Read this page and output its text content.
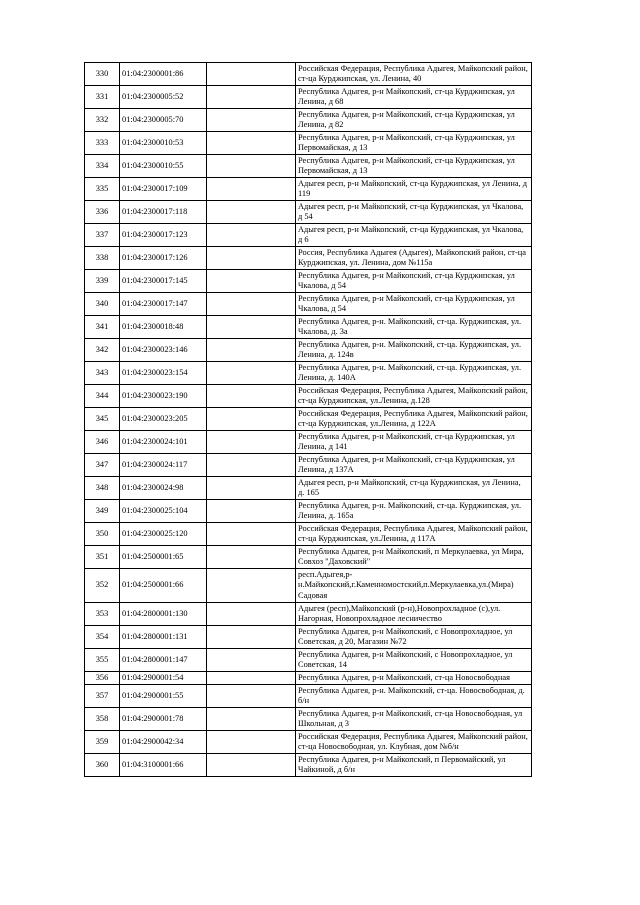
330	01:04:2300001:86		Российская Федерация, Республика Адыгея, Майкопский район, ст-ца Курджипская, ул. Ленина, 40
331	01:04:2300005:52		Республика Адыгея, р-н Майкопский, ст-ца Курджипская, ул Ленина, д 68
332	01:04:2300005:70		Республика Адыгея, р-н Майкопский, ст-ца Курджипская, ул Ленина, д 82
333	01:04:2300010:53		Республика Адыгея, р-н Майкопский, ст-ца Курджипская, ул Первомайская, д 13
334	01:04:2300010:55		Республика Адыгея, р-н Майкопский, ст-ца Курджипская, ул Первомайская, д 13
335	01:04:2300017:109		Адыгея респ, р-н Майкопский, ст-ца Курджипская, ул Ленина, д 119
336	01:04:2300017:118		Адыгея респ, р-н Майкопский, ст-ца Курджипская, ул Чкалова, д 54
337	01:04:2300017:123		Адыгея респ, р-н Майкопский, ст-ца Курджипская, ул Чкалова, д 6
338	01:04:2300017:126		Россия, Республика Адыгея (Адыгея), Майкопский район, ст-ца Курджипская, ул. Ленина, дом №115а
339	01:04:2300017:145		Республика Адыгея, р-н Майкопский, ст-ца Курджипская, ул Чкалова, д 54
340	01:04:2300017:147		Республика Адыгея, р-н Майкопский, ст-ца Курджипская, ул Чкалова, д 54
341	01:04:2300018:48		Республика Адыгея, р-н. Майкопский, ст-ца. Курджипская, ул. Чкалова, д. 3а
342	01:04:2300023:146		Республика Адыгея, р-н. Майкопский, ст-ца. Курджипская, ул. Ленина, д. 124в
343	01:04:2300023:154		Республика Адыгея, р-н. Майкопский, ст-ца. Курджипская, ул. Ленина, д. 140А
344	01:04:2300023:190		Российская Федерация, Республика Адыгея, Майкопский район, ст-ца Курджипская, ул.Ленина, д.128
345	01:04:2300023:205		Российская Федерация, Республика Адыгея, Майкопский район, ст-ца Курджипская, ул.Ленина, д 122А
346	01:04:2300024:101		Республика Адыгея, р-н Майкопский, ст-ца Курджипская, ул Ленина, д 141
347	01:04:2300024:117		Республика Адыгея, р-н Майкопский, ст-ца Курджипская, ул Ленина, д 137А
348	01:04:2300024:98		Адыгея респ, р-н Майкопский, ст-ца Курджипская, ул Ленина, д. 165
349	01:04:2300025:104		Республика Адыгея, р-н. Майкопский, ст-ца. Курджипская, ул. Ленина, д. 165а
350	01:04:2300025:120		Российская Федерация, Республика Адыгея, Майкопский район, ст-ца Курджипская, ул.Ленина, д 117А
351	01:04:2500001:65		Республика Адыгея, р-н Майкопский, п Меркулаевка, ул Мира, Совхоз "Даховский"
352	01:04:2500001:66		респ.Адыгея,р-н.Майкопский,г.Каменномостский,п.Меркулаевка,ул.(Мира) Садовая
353	01:04:2800001:130		Адыгея (респ),Майкопский (р-н),Новопрохладное (с),ул. Нагорная, Новопрохладное лесничество
354	01:04:2800001:131		Республика Адыгея, р-н Майкопский, с Новопрохладное, ул Советская, д 20, Магазин №72
355	01:04:2800001:147		Республика Адыгея, р-н Майкопский, с Новопрохладное, ул Советская, 14
356	01:04:2900001:54		Республика Адыгея, р-н Майкопский, ст-ца Новосвободная
357	01:04:2900001:55		Республика Адыгея, р-н. Майкопский, ст-ца. Новосвободная, д. б/н
358	01:04:2900001:78		Республика Адыгея, р-н Майкопский, ст-ца Новосвободная, ул Школьная, д 3
359	01:04:2900042:34		Российская Федерация, Республика Адыгея, Майкопский район, ст-ца Новосвободная, ул. Клубная, дом №б/н
360	01:04:3100001:66		Республика Адыгея, р-н Майкопский, п Первомайский, ул Чайкиной, д б/н
